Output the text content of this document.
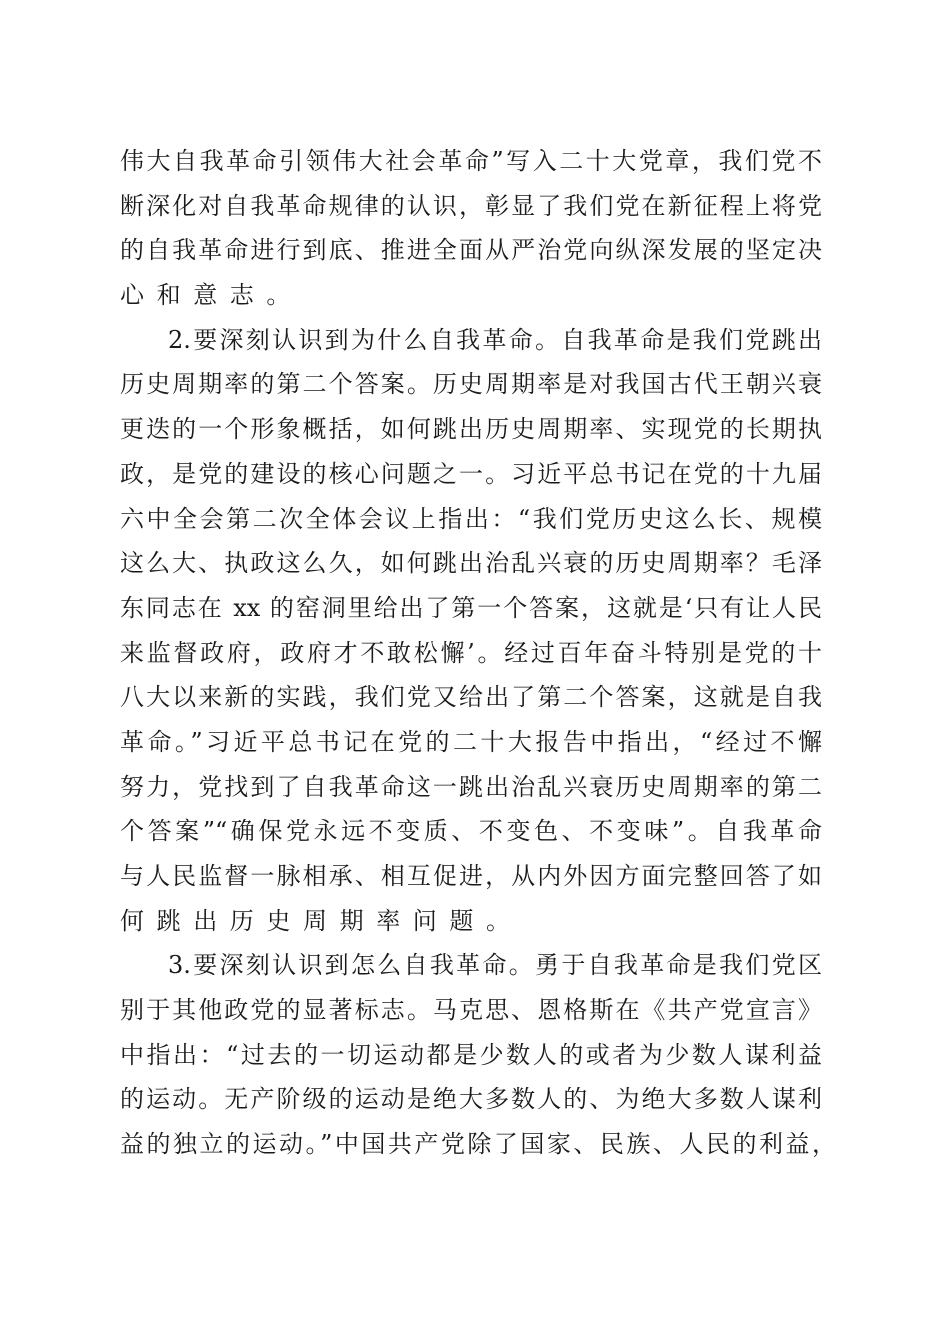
伟大自我革命引领伟大社会革命”写入二十大党章，我们党不
断深化对自我革命规律的认识，彰显了我们党在新征程上将党
的自我革命进行到底、推进全面从严治党向纵深发展的坚定决
心和意志。
2.要深刻认识到为什么自我革命。自我革命是我们党跳出
历史周期率的第二个答案。历史周期率是对我国古代王朝兴衰
更迭的一个形象概括，如何跳出历史周期率、实现党的长期执
政，是党的建设的核心问题之一。习近平总书记在党的十九届
六中全会第二次全体会议上指出：“我们党历史这么长、规模
这么大、执政这么久，如何跳出治乱兴衰的历史周期率？毛泽
东同志在 xx 的窑洞里给出了第一个答案，这就是‘只有让人民
来监督政府，政府才不敢松懈’。经过百年奋斗特别是党的十
八大以来新的实践，我们党又给出了第二个答案，这就是自我
革命。”习近平总书记在党的二十大报告中指出，“经过不懈
努力，党找到了自我革命这一跳出治乱兴衰历史周期率的第二
个答案”“确保党永远不变质、不变色、不变味”。自我革命
与人民监督一脉相承、相互促进，从内外因方面完整回答了如
何跳出历史周期率问题。
3.要深刻认识到怎么自我革命。勇于自我革命是我们党区
别于其他政党的显著标志。马克思、恩格斯在《共产党宣言》
中指出：“过去的一切运动都是少数人的或者为少数人谋利益
的运动。无产阶级的运动是绝大多数人的、为绝大多数人谋利
益的独立的运动。”中国共产党除了国家、民族、人民的利益，
